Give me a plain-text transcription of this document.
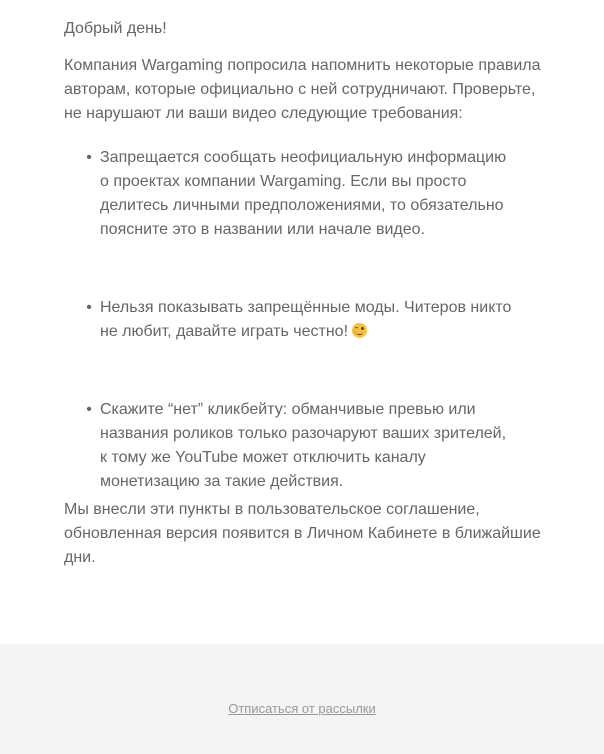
Добрый день!

Компания Wargaming попросила напомнить некоторые правила авторам, которые официально с ней сотрудничают. Проверьте, не нарушают ли ваши видео следующие требования:

• Запрещается сообщать неофициальную информацию о проектах компании Wargaming. Если вы просто делитесь личными предположениями, то обязательно поясните это в названии или начале видео.
• Нельзя показывать запрещённые моды. Читеров никто не любит, давайте играть честно!
• Скажите “нет” кликбейту: обманчивые превью или названия роликов только разочаруют ваших зрителей, к тому же YouTube может отключить каналу монетизацию за такие действия.

Мы внесли эти пункты в пользовательское соглашение, обновленная версия появится в Личном Кабинете в ближайшие дни.

Отписаться от рассылки
